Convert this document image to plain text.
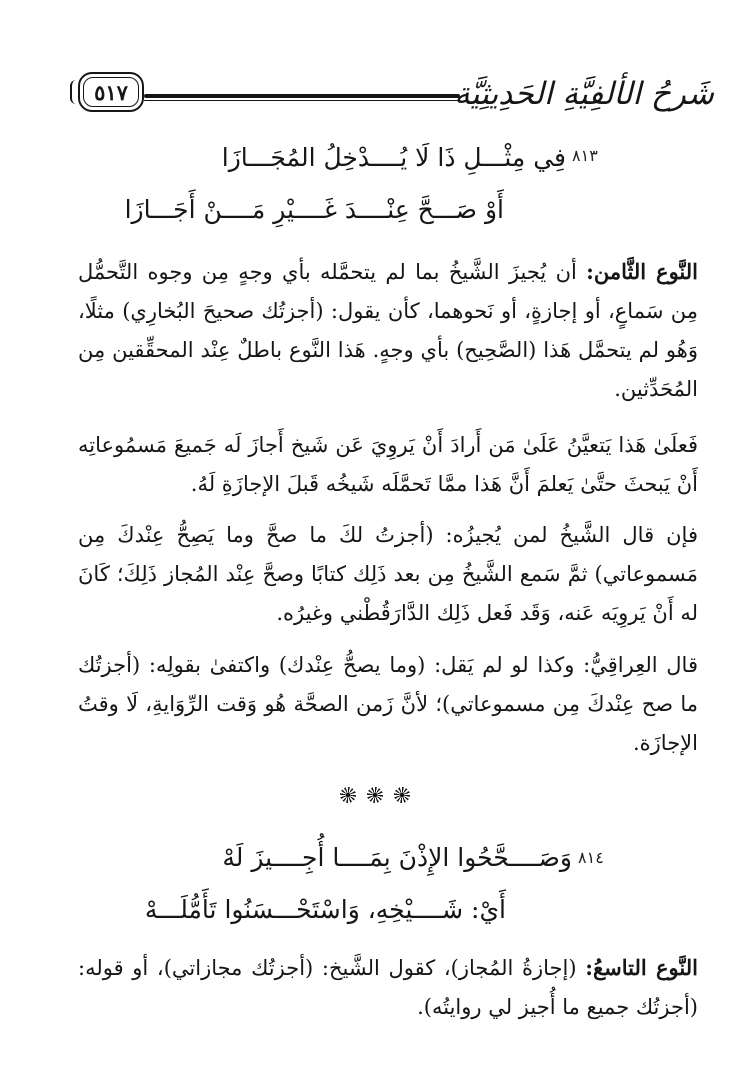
٥١٧	شَرحُ الألفِيَّةِ الحَدِيثِيَّة
٨١٣
فِي مِثْـــلِ ذَا لَا يُــــدْخِلُ المُجَـــازَا
أَوْ صَـــحَّ عِنْــــدَ غَــــيْرِ مَــــنْ أَجَـــازَا
النَّوع الثَّامن: أن يُجيزَ الشَّيخُ بما لم يتحمَّله بأي وجهٍ مِن وجوه التَّحمُّل مِن سَماعٍ، أو إجازةٍ، أو نَحوهما، كأن يقول: (أجزتُك صحيحَ البُخارِي) مثلًا، وَهُو لم يتحمَّل هَذا (الصَّحِيح) بأي وجهٍ. هَذا النَّوع باطلٌ عِنْد المحقِّقين مِن المُحَدِّثين.
فَعلَىٰ هَذا يَتعيَّنُ عَلَىٰ مَن أَرادَ أَنْ يَروِيَ عَن شَيخ أَجازَ لَه جَميعَ مَسمُوعاتِه أَنْ يَبحثَ حتَّىٰ يَعلمَ أَنَّ هَذا ممَّا تَحمَّلَه شَيخُه قَبلَ الإجازَةِ لَهُ.
فإن قال الشَّيخُ لمن يُجيزُه: (أجزتُ لكَ ما صحَّ وما يَصِحُّ عِنْدكَ مِن مَسموعاتي) ثمَّ سَمع الشَّيخُ مِن بعد ذَلِك كتابًا وصحَّ عِنْد المُجاز ذَلِكَ؛ كَانَ له أَنْ يَروِيَه عَنه، وَقَد فَعل ذَلِك الدَّارَقُطْني وغيرُه.
قال العِراقِيُّ: وكذا لو لم يَقل: (وما يصحُّ عِنْدك) واكتفىٰ بقولِه: (أجزتُك ما صح عِنْدكَ مِن مسموعاتي)؛ لأنَّ زَمن الصحَّة هُو وَقت الرِّوَايةِ، لَا وقتُ الإجازَة.
٨١٤
وَصَــــحَّحُوا الإِذْنَ بِمَــــا أُجِــــيزَ لَهْ
أَيْ: شَــــيْخِهِ، وَاسْتَحْـــسَنُوا تَأَمُّلَـــهْ
النَّوع التاسعُ: (إجازةُ المُجاز)، كقول الشَّيخ: (أجزتُك مجازاتي)، أو قوله: (أجزتُك جميع ما أُجيز لي روايتُه).
